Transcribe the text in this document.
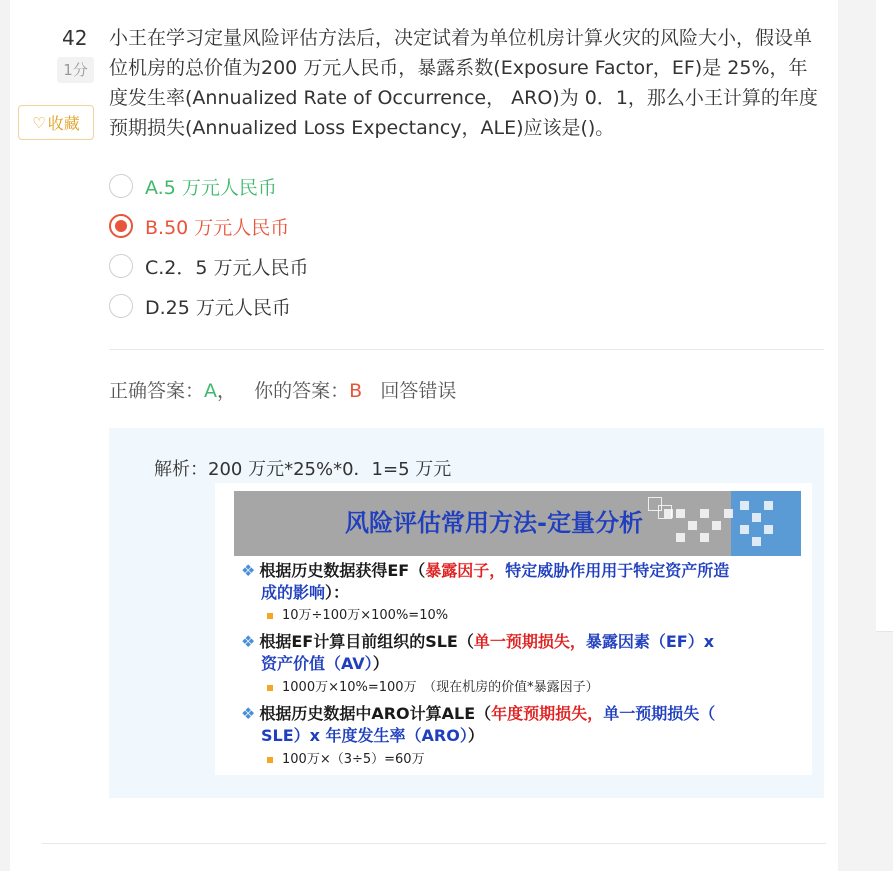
42
1分
♡ 收藏
小王在学习定量风险评估方法后，决定试着为单位机房计算火灾的风险大小，假设单位机房的总价值为200 万元人民币，暴露系数(Exposure Factor，EF)是 25%，年度发生率(Annualized Rate of Occurrence， ARO)为 0．1，那么小王计算的年度预期损失(Annualized Loss Expectancy，ALE)应该是()。
A.5 万元人民币
B.50 万元人民币
C.2．5 万元人民币
D.25 万元人民币
正确答案：A， 你的答案：B 回答错误
解析：200 万元*25%*0．1=5 万元
风险评估常用方法-定量分析
❖ 根据历史数据获得EF（暴露因子，特定威胁作用用于特定资产所造
成的影响）：
10万÷100万×100%=10%
❖ 根据EF计算目前组织的SLE（单一预期损失，暴露因素（EF）x
资产价值（AV））
1000万×10%=100万　（现在机房的价值*暴露因子）
❖ 根据历史数据中ARO计算ALE（年度预期损失，单一预期损失（
SLE）x 年度发生率（ARO））
100万×（3÷5）=60万
